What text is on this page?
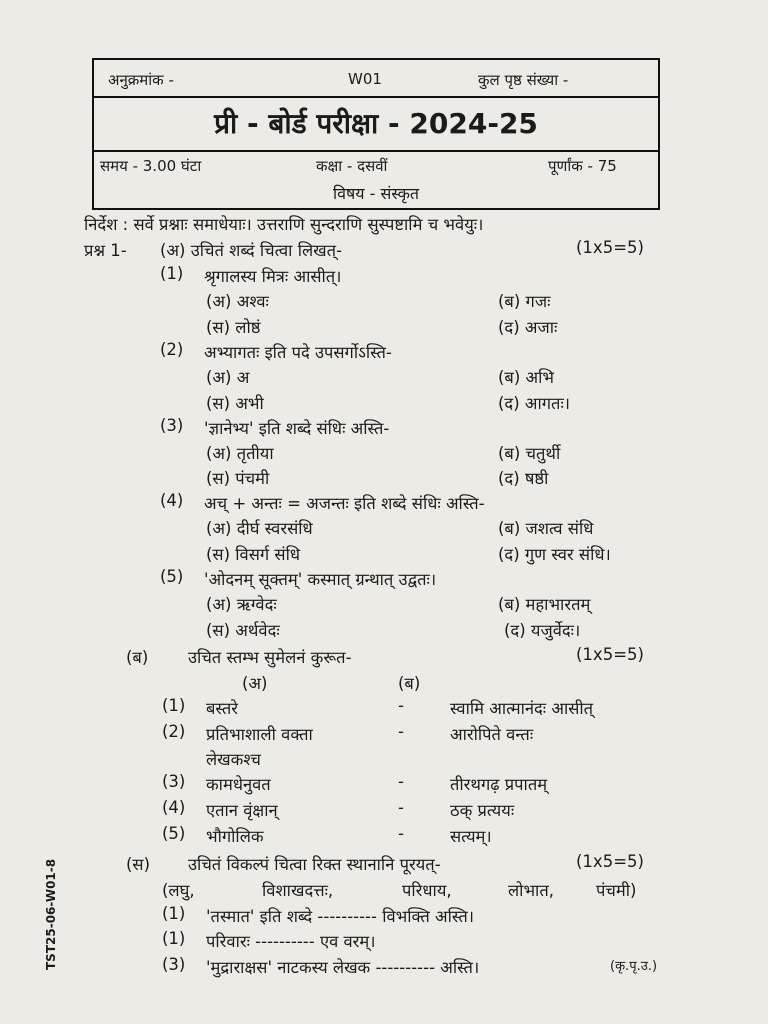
अनुक्रमांक -	W01	कुल पृष्ठ संख्या -
प्री - बोर्ड परीक्षा - 2024-25
समय - 3.00 घंटा	कक्षा - दसवीं	पूर्णांक - 75
विषय - संस्कृत
निर्देश : सर्वे प्रश्नाः समाधेयाः। उत्तराणि सुन्दराणि सुस्पष्टामि च भवेयुः।
प्रश्न 1- (अ) उचितं शब्दं चित्वा लिखत्-	(1x5=5)
(1) श्रृगालस्य मित्रः आसीत्।
(अ) अश्वः	(ब) गजः
(स) लोष्ठं	(द) अजाः
(2) अभ्यागतः इति पदे उपसर्गोऽस्ति-
(अ) अ	(ब) अभि
(स) अभी	(द) आगतः।
(3) 'ज्ञानेभ्य' इति शब्दे संधिः अस्ति-
(अ) तृतीया	(ब) चतुर्थी
(स) पंचमी	(द) षष्ठी
(4) अच् + अन्तः = अजन्तः इति शब्दे संधिः अस्ति-
(अ) दीर्घ स्वरसंधि	(ब) जशत्व संधि
(स) विसर्ग संधि	(द) गुण स्वर संधि।
(5) 'ओदनम् सूक्तम्' कस्मात् ग्रन्थात् उद्वतः।
(अ) ऋग्वेदः	(ब) महाभारतम्
(स) अर्थवेदः	(द) यजुर्वेदः।
(ब) उचित स्तम्भ सुमेलनं कुरूत-	(1x5=5)
(अ)	(ब)
(1) बस्तरे	-	स्वामि आत्मानंदः आसीत्
(2) प्रतिभाशाली वक्ता	-	आरोपिते वन्तः
लेखकश्च
(3) कामधेनुवत	-	तीरथगढ़ प्रपातम्
(4) एतान वृंक्षान्	-	ठक् प्रत्ययः
(5) भौगोलिक	-	सत्यम्।
(स) उचितं विकल्पं चित्वा रिक्त स्थानानि पूरयत्-	(1x5=5)
(लघु,	विशाखदत्तः,	परिधाय,	लोभात,	पंचमी)
(1) 'तस्मात' इति शब्दे ---------- विभक्ति अस्ति।
(1) परिवारः ---------- एव वरम्।
(3) 'मुद्राराक्षस' नाटकस्य लेखक ---------- अस्ति।	(कृ.पृ.उ.)
TST25-06-W01-8
